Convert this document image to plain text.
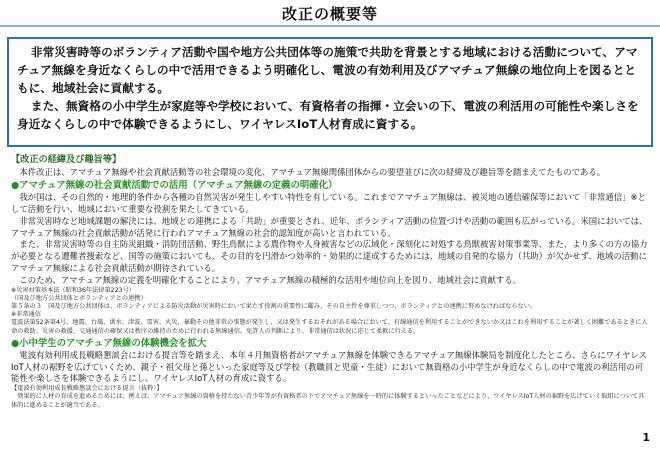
改正の概要等

非常災害時等のボランティア活動や国や地方公共団体等の施策で共助を背景とする地域における活動について、アマチュア無線を身近なくらしの中で活用できるよう明確化し、電波の有効利用及びアマチュア無線の地位向上を図るとともに、地域社会に貢献する。

また、無資格の小中学生が家庭等や学校において、有資格者の指揮・立会いの下、電波の利活用の可能性や楽しさを身近なくらしの中で体験できるようにし、ワイヤレスIoT人材育成に資する。

【改正の経緯及び趣旨等】
本件改正は、アマチュア無線や社会貢献活動等の社会環境の変化、アマチュア無線関係団体からの要望並びに次の経緯及び趣旨等を踏まえてたものである。
●アマチュア無線の社会貢献活動での活用（アマチュア無線の定義の明確化）
我が国は、その自然的・地理的条件から各種の自然災害が発生しやすい特性を有している。これまでアマチュア無線は、被災地の通信確保等において「非常通信」※として活動を行い、地域において重要な役割を果たしてきている。
非常災害時など地域課題の解決には、地域との連携による「共助」が重要とされ、近年、ボランティア活動の位置づけや活動の範囲も広がっている。米国においては、アマチュア無線の社会貢献活動が活発に行われアマチュア無線の社会的認知度が高いと言われている。
また、非常災害時等の自主防災組織・消防団活動、野生鳥獣による農作物や人身被害などの広域化・深刻化に対処する鳥獣被害対策事業等、また、より多くの方の協力が必要となる遭難者捜索など、国等の施策においても、その目的を円滑かつ効率的・効果的に達成するためには、地域の自発的な協力（共助）が欠かせず、地域の活動にアマチュア無線による社会貢献活動が期待されている。
このため、アマチュア無線の定義を明確化することにより、アマチュア無線の積極的な活用や地位向上を図り、地域社会に貢献する。
※災害対策基本法（昭和36年法律第223号）
（国及び地方公共団体とボランティアとの連携）
第５条の３　国及び地方公共団体は、ボランティアによる防災活動が災害時において果たす役割の重要性に鑑み、その自主性を尊重しつつ、ボランティアとの連携に努めなければならない。
※非常通信
電波法第52条第4号。地震、台風、洪水、津波、雪害、火災、暴動その他非常の事態が発生し、又は発生するおそれがある場合において、有線通信を利用することができないか又はこれを利用することが著しく困難であるときに人命の救助、災害の救援、交通通信の確保又は秩序の維持のために行われる無線通信。免許人の判断により、非常通信は状況に応じて柔軟に行える。
●小中学生のアマチュア無線の体験機会を拡大
電波有効利用成長戦略懇談会における提言等を踏まえ、本年４月無資格者がアマチュア無線を体験できるアマチュア無線体験局を制度化したところ、さらにワイヤレスIoT人材の裾野を広げていくため、親子・祖父母と孫といった家庭等及び学校（教職員と児童・生徒）において無資格の小中学生が身近なくらしの中で電波の利活用の可能性や楽しさを体験できるようにし、ワイヤレスIoT人材の育成に資する。
【電波有効利用成長戦略懇談会における提言（抜粋）】
効果的に人材の育成を進めるためには、例えば、アマチュア無線の資格を持たない青少年等が有資格者の下でアマチュア無線を一時的に体験するといったことなどにより、ワイヤレスIoT人材の裾野を広げていく取組について具体的に進めることが適当である。
1
